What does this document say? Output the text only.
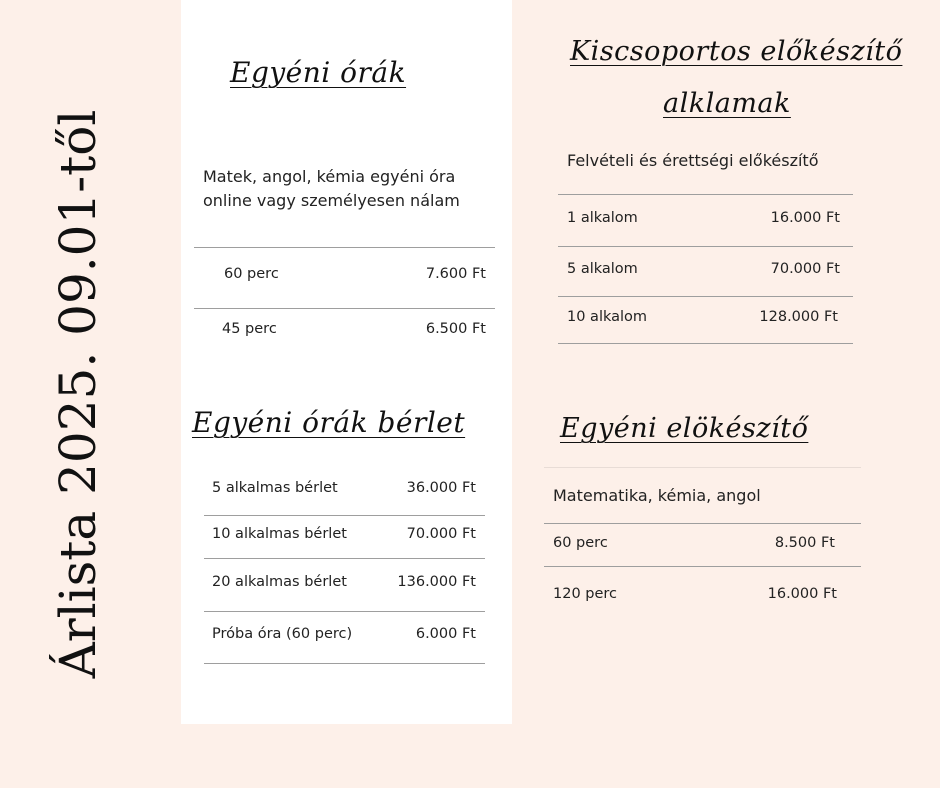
Árlista 2025. 09.01-től
Egyéni órák
Matek, angol, kémia egyéni óra online vagy személyesen nálam
60 perc	7.600 Ft
45 perc	6.500 Ft
Egyéni órák bérlet
5 alkalmas bérlet	36.000 Ft
10 alkalmas bérlet	70.000 Ft
20 alkalmas bérlet	136.000 Ft
Próba óra (60 perc)	6.000 Ft
Kiscsoportos előkészítő
alklamak
Felvételi és érettségi előkészítő
1 alkalom	16.000 Ft
5 alkalom	70.000 Ft
10 alkalom	128.000 Ft
Egyéni elökészítő
Matematika, kémia, angol
60 perc	8.500 Ft
120 perc	16.000 Ft
